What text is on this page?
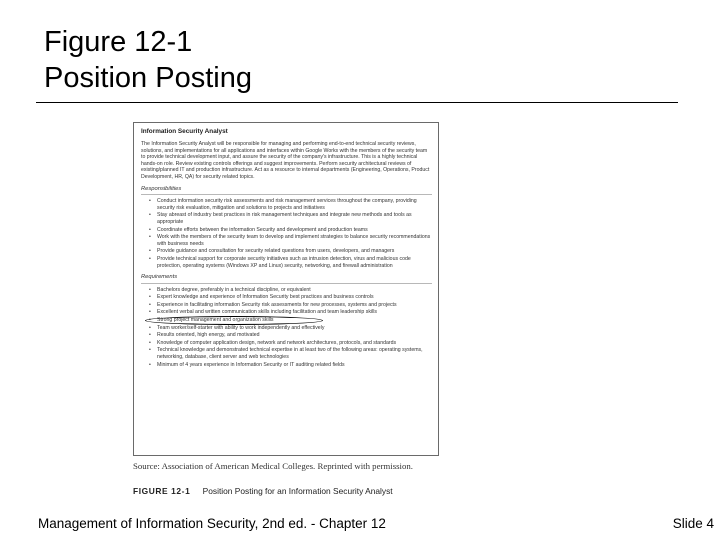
Figure 12-1
Position Posting
Information Security Analyst

The Information Security Analyst will be responsible for managing and performing end-to-end technical security reviews, solutions, and implementations for all applications and interfaces within Google Works with the members of the security team to provide technical development input, and assure the security of the company's infrastructure. This is a highly technical hands-on role. Review existing controls offerings and suggest improvements. Perform security architectural reviews of existing/planned IT and production infrastructure. Act as a resource to internal departments (Engineering, Operations, Product Development, HR, QA) for security related topics.

Responsibilities
• Conduct information security risk assessments and risk management services throughout the company, providing security risk evaluation, mitigation and solutions to projects and initiatives
• Stay abreast of industry best practices in risk management techniques and integrate new methods and tools as appropriate
• Coordinate efforts between the information Security and development and production teams
• Work with the members of the security team to develop and implement strategies to balance security recommendations with business needs
• Provide guidance and consultation for security related questions from users, developers, and managers
• Provide technical support for corporate security initiatives such as intrusion detection, virus and malicious code protection, operating systems (Windows XP and Linux) security, networking, and firewall administration
Requirements
• Bachelors degree, preferably in a technical discipline, or equivalent
• Expert knowledge and experience of Information Security best practices and business controls
• Experience in facilitating information Security risk assessments for new processes, systems and projects
• Excellent verbal and written communication skills including facilitation and team leadership skills
• Strong project management and organization skills
• Team worker/self-starter with ability to work independently and effectively
• Results oriented, high energy, and motivated
• Knowledge of computer application design, network and network architectures, protocols, and standards
• Technical knowledge and demonstrated technical expertise in at least two of the following areas: operating systems, networking, database, client server and web technologies
• Minimum of 4 years experience in Information Security or IT auditing related fields
Source: Association of American Medical Colleges. Reprinted with permission.
FIGURE 12-1 Position Posting for an Information Security Analyst
Management of Information Security, 2nd ed. - Chapter 12	Slide 4
